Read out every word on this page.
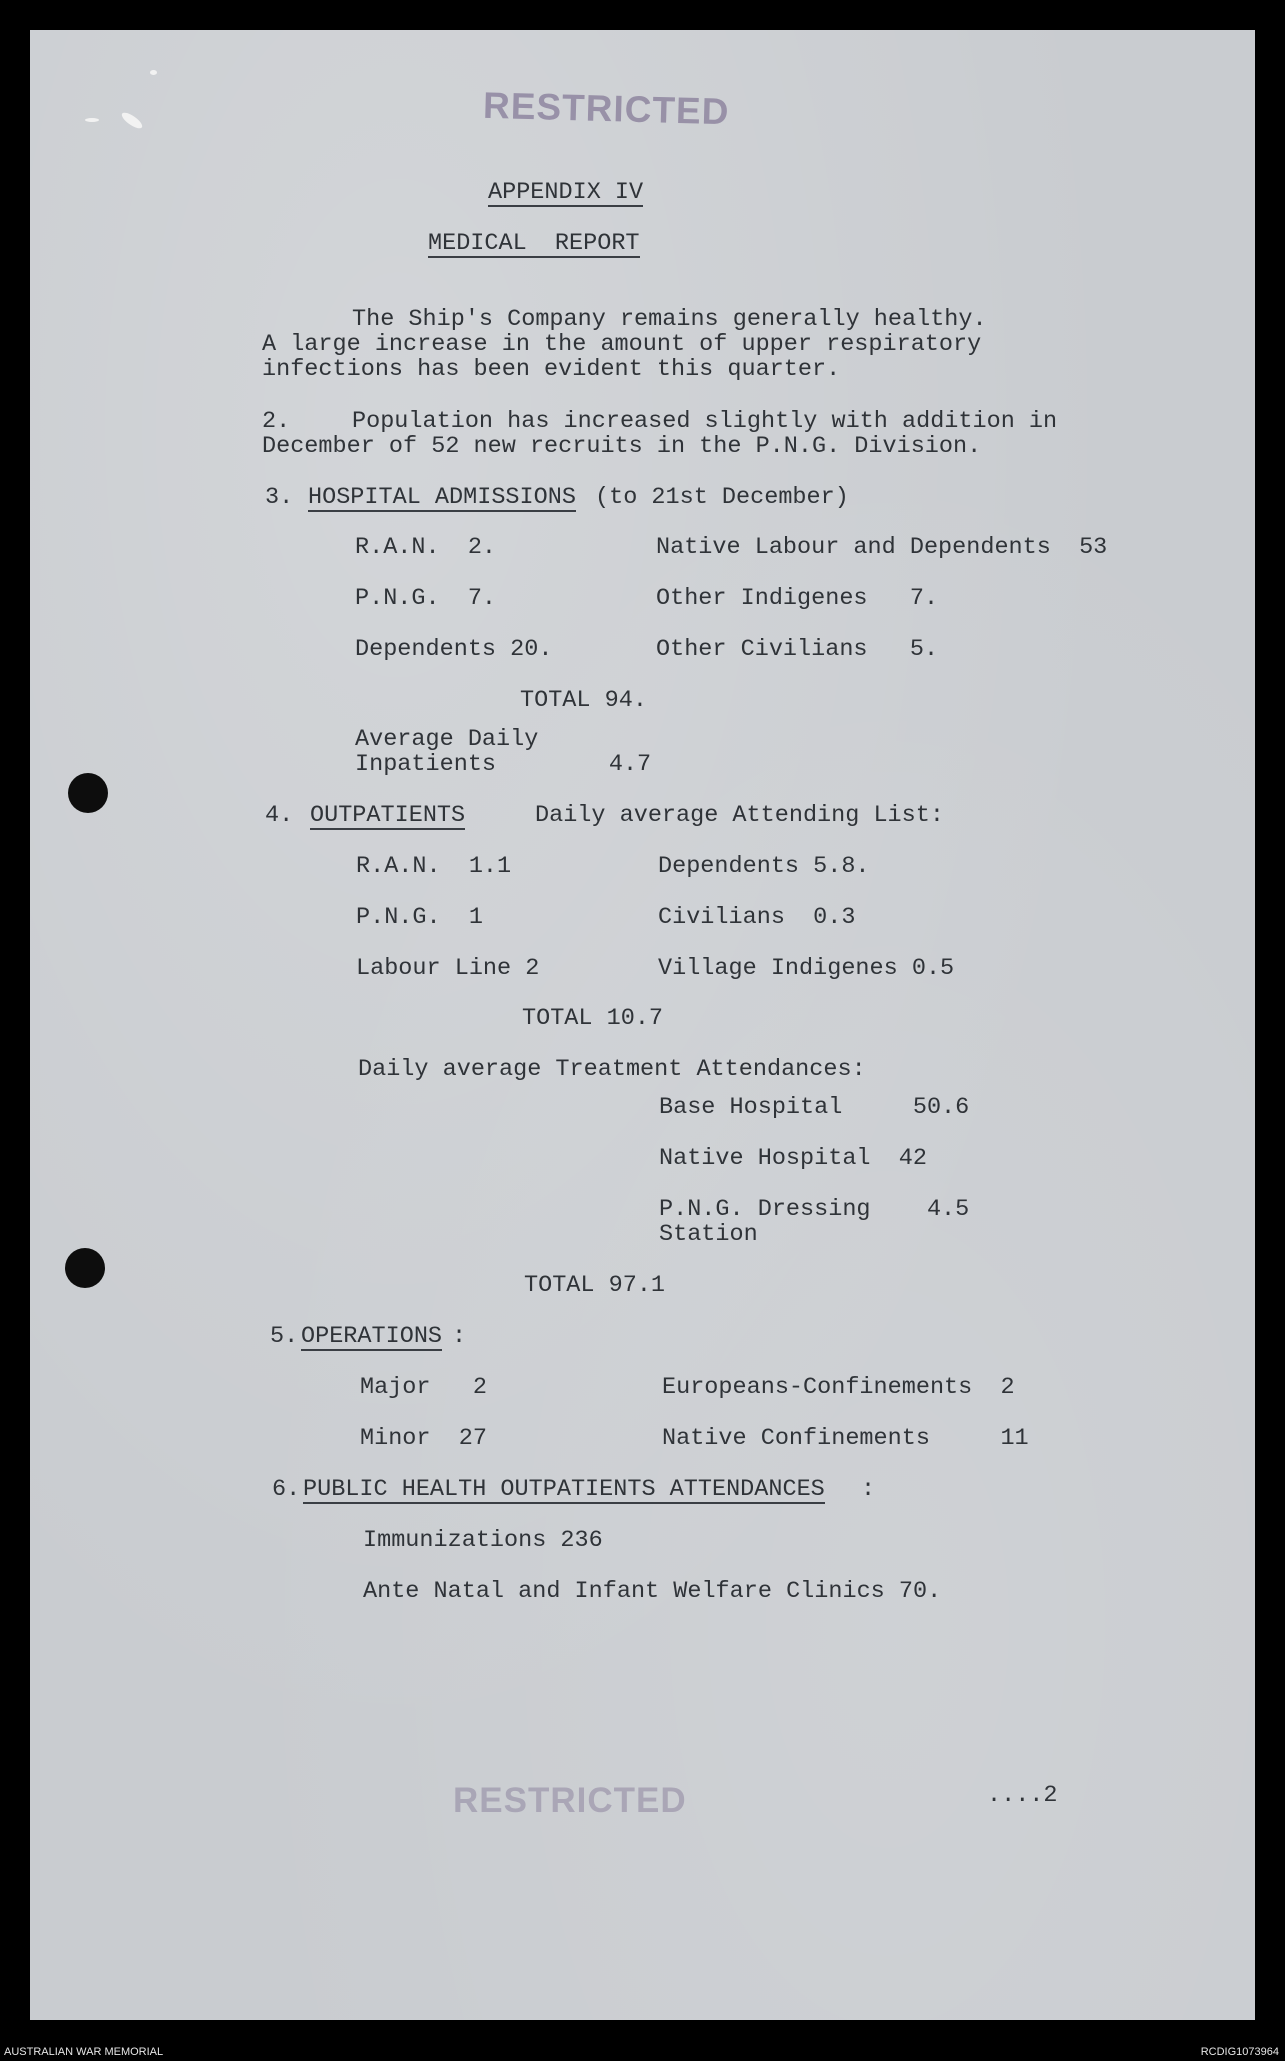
RESTRICTED
RESTRICTED
APPENDIX IV
MEDICAL  REPORT
The Ship's Company remains generally healthy.
A large increase in the amount of upper respiratory
infections has been evident this quarter.
2.	Population has increased slightly with addition in
December of 52 new recruits in the P.N.G. Division.
3. HOSPITAL ADMISSIONS (to 21st December)
R.A.N.  2.	Native Labour and Dependents  53
P.N.G.  7.	Other Indigenes   7.
Dependents 20.	Other Civilians   5.
TOTAL 94.
Average Daily
Inpatients        4.7
4. OUTPATIENTS	Daily average Attending List:
R.A.N.  1.1	Dependents 5.8.
P.N.G.  1	Civilians  0.3
Labour Line 2	Village Indigenes 0.5
TOTAL 10.7
Daily average Treatment Attendances:
Base Hospital     50.6
Native Hospital  42
P.N.G. Dressing    4.5
Station
TOTAL 97.1
5. OPERATIONS :
Major   2	Europeans-Confinements  2
Minor  27	Native Confinements     11
6. PUBLIC HEALTH OUTPATIENTS ATTENDANCES :
Immunizations 236
Ante Natal and Infant Welfare Clinics 70.
....2
AUSTRALIAN WAR MEMORIAL	RCDIG1073964
